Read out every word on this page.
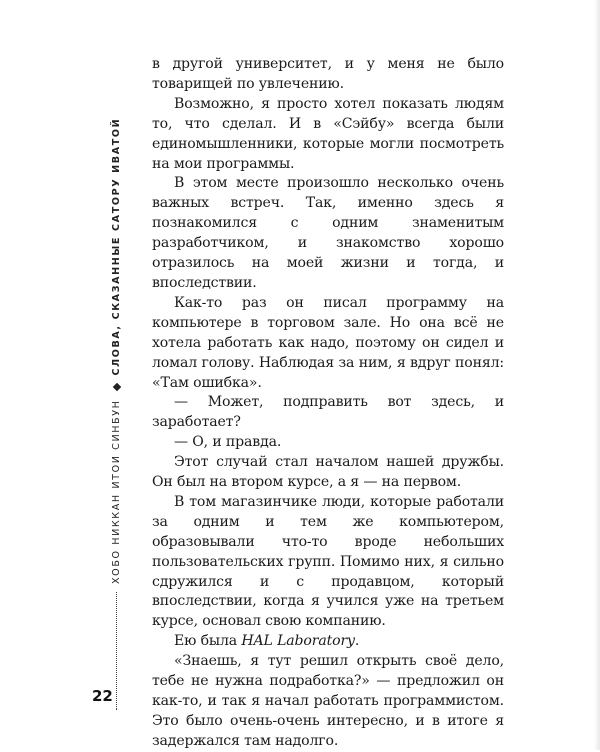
ХОБО НИККАН ИТОИ СИНБУН
СЛОВА, СКАЗАННЫЕ САТОРУ ИВАТОЙ
22

в другой университет, и у меня не было товарищей по увлечению.

Возможно, я просто хотел показать людям то, что сделал. И в «Сэйбу» всегда были единомышленники, которые могли посмотреть на мои программы.

В этом месте произошло несколько очень важных встреч. Так, именно здесь я познакомился с одним знаменитым разработчиком, и знакомство хорошо отразилось на моей жизни и тогда, и впоследствии.

Как-то раз он писал программу на компьютере в торговом зале. Но она всё не хотела работать как надо, поэтому он сидел и ломал голову. Наблюдая за ним, я вдруг понял: «Там ошибка».

— Может, подправить вот здесь, и заработает?

— О, и правда.

Этот случай стал началом нашей дружбы. Он был на втором курсе, а я — на первом.

В том магазинчике люди, которые работали за одним и тем же компьютером, образовывали что-то вроде небольших пользовательских групп. Помимо них, я сильно сдружился и с продавцом, который впоследствии, когда я учился уже на третьем курсе, основал свою компанию.

Ею была HAL Laboratory.

«Знаешь, я тут решил открыть своё дело, тебе не нужна подработка?» — предложил он как-то, и так я начал работать программистом. Это было очень-очень интересно, и в итоге я задержался там надолго.
